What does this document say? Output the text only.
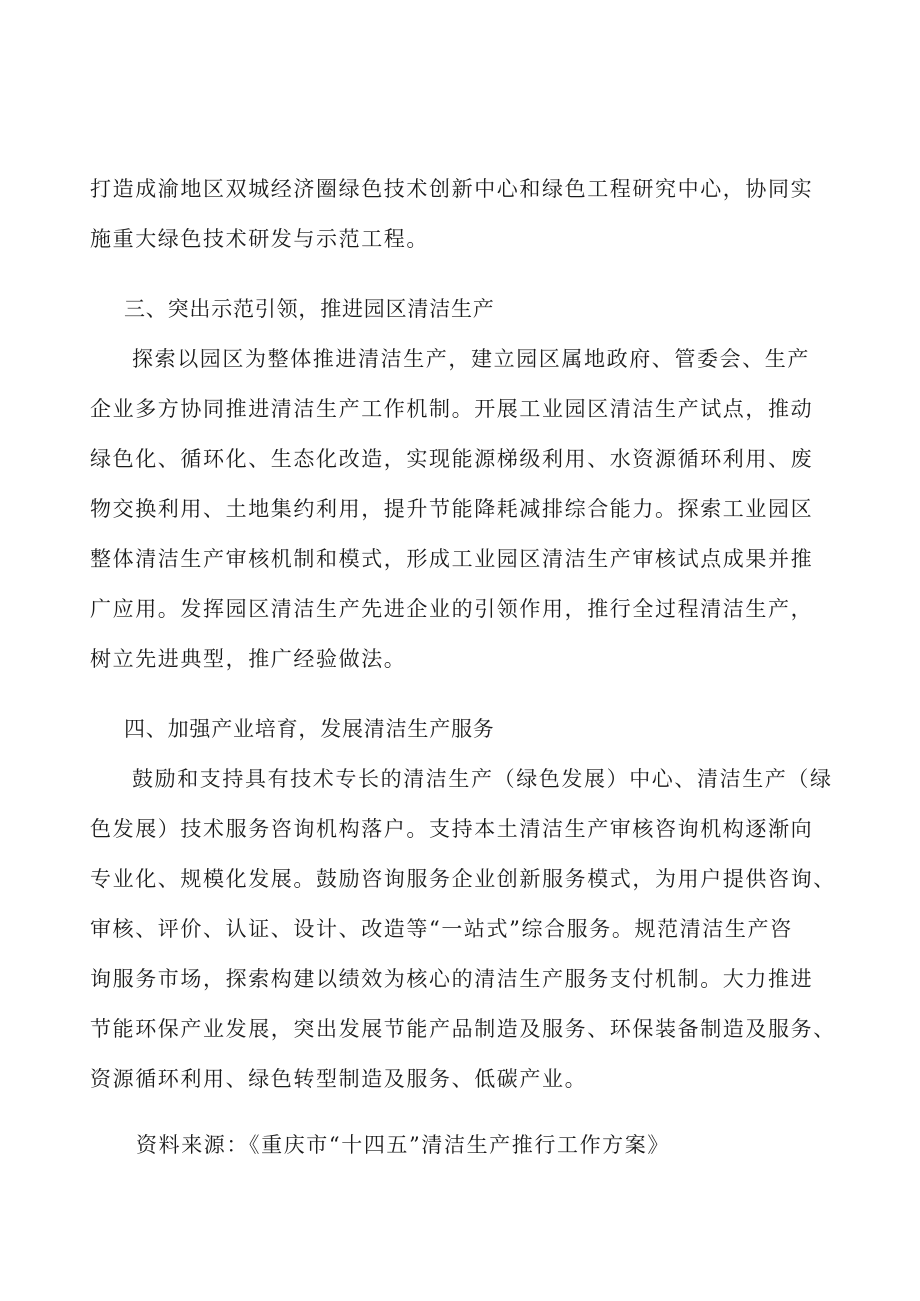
打造成渝地区双城经济圈绿色技术创新中心和绿色工程研究中心，协同实
施重大绿色技术研发与示范工程。
三、突出示范引领，推进园区清洁生产
探索以园区为整体推进清洁生产，建立园区属地政府、管委会、生产
企业多方协同推进清洁生产工作机制。开展工业园区清洁生产试点，推动
绿色化、循环化、生态化改造，实现能源梯级利用、水资源循环利用、废
物交换利用、土地集约利用，提升节能降耗减排综合能力。探索工业园区
整体清洁生产审核机制和模式，形成工业园区清洁生产审核试点成果并推
广应用。发挥园区清洁生产先进企业的引领作用，推行全过程清洁生产，
树立先进典型，推广经验做法。
四、加强产业培育，发展清洁生产服务
鼓励和支持具有技术专长的清洁生产（绿色发展）中心、清洁生产（绿
色发展）技术服务咨询机构落户。支持本土清洁生产审核咨询机构逐渐向
专业化、规模化发展。鼓励咨询服务企业创新服务模式，为用户提供咨询、
审核、评价、认证、设计、改造等“一站式”综合服务。规范清洁生产咨
询服务市场，探索构建以绩效为核心的清洁生产服务支付机制。大力推进
节能环保产业发展，突出发展节能产品制造及服务、环保装备制造及服务、
资源循环利用、绿色转型制造及服务、低碳产业。
资料来源：《重庆市“十四五”清洁生产推行工作方案》
